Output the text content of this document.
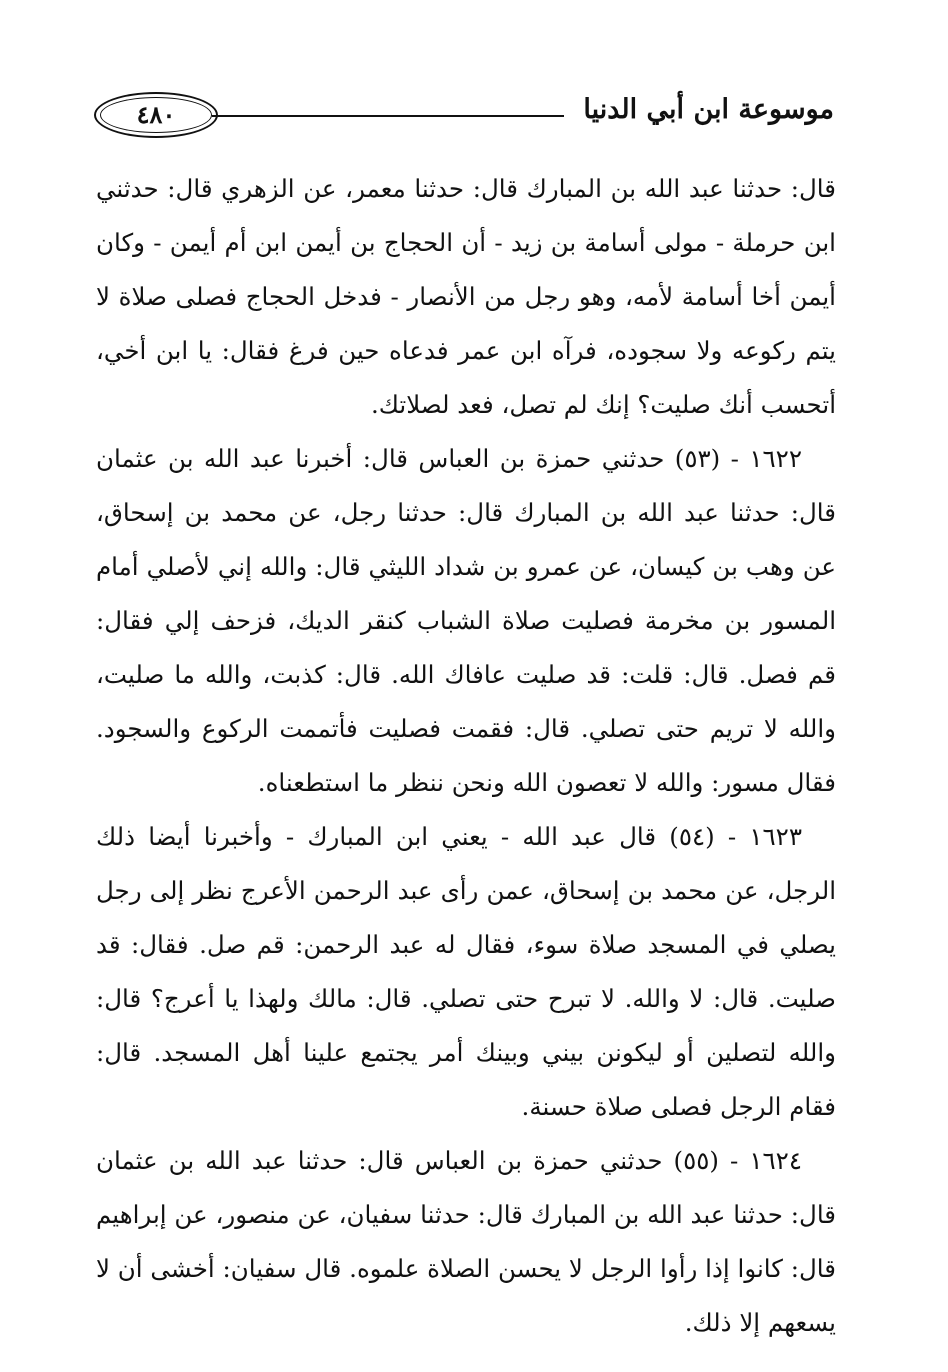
٤٨٠	موسوعة ابن أبي الدنيا

قال: حدثنا عبد الله بن المبارك قال: حدثنا معمر، عن الزهري قال: حدثني ابن حرملة - مولى أسامة بن زيد - أن الحجاج بن أيمن ابن أم أيمن - وكان أيمن أخا أسامة لأمه، وهو رجل من الأنصار - فدخل الحجاج فصلى صلاة لا يتم ركوعه ولا سجوده، فرآه ابن عمر فدعاه حين فرغ فقال: يا ابن أخي، أتحسب أنك صليت؟ إنك لم تصل، فعد لصلاتك.

١٦٢٢ - (٥٣) حدثني حمزة بن العباس قال: أخبرنا عبد الله بن عثمان قال: حدثنا عبد الله بن المبارك قال: حدثنا رجل، عن محمد بن إسحاق، عن وهب بن كيسان، عن عمرو بن شداد الليثي قال: والله إني لأصلي أمام المسور بن مخرمة فصليت صلاة الشباب كنقر الديك، فزحف إلي فقال: قم فصل. قال: قلت: قد صليت عافاك الله. قال: كذبت، والله ما صليت، والله لا تريم حتى تصلي. قال: فقمت فصليت فأتممت الركوع والسجود. فقال مسور: والله لا تعصون الله ونحن ننظر ما استطعناه.

١٦٢٣ - (٥٤) قال عبد الله - يعني ابن المبارك - وأخبرنا أيضا ذلك الرجل، عن محمد بن إسحاق، عمن رأى عبد الرحمن الأعرج نظر إلى رجل يصلي في المسجد صلاة سوء، فقال له عبد الرحمن: قم صل. فقال: قد صليت. قال: لا والله. لا تبرح حتى تصلي. قال: مالك ولهذا يا أعرج؟ قال: والله لتصلين أو ليكونن بيني وبينك أمر يجتمع علينا أهل المسجد. قال: فقام الرجل فصلى صلاة حسنة.

١٦٢٤ - (٥٥) حدثني حمزة بن العباس قال: حدثنا عبد الله بن عثمان قال: حدثنا عبد الله بن المبارك قال: حدثنا سفيان، عن منصور، عن إبراهيم قال: كانوا إذا رأوا الرجل لا يحسن الصلاة علموه. قال سفيان: أخشى أن لا يسعهم إلا ذلك.
